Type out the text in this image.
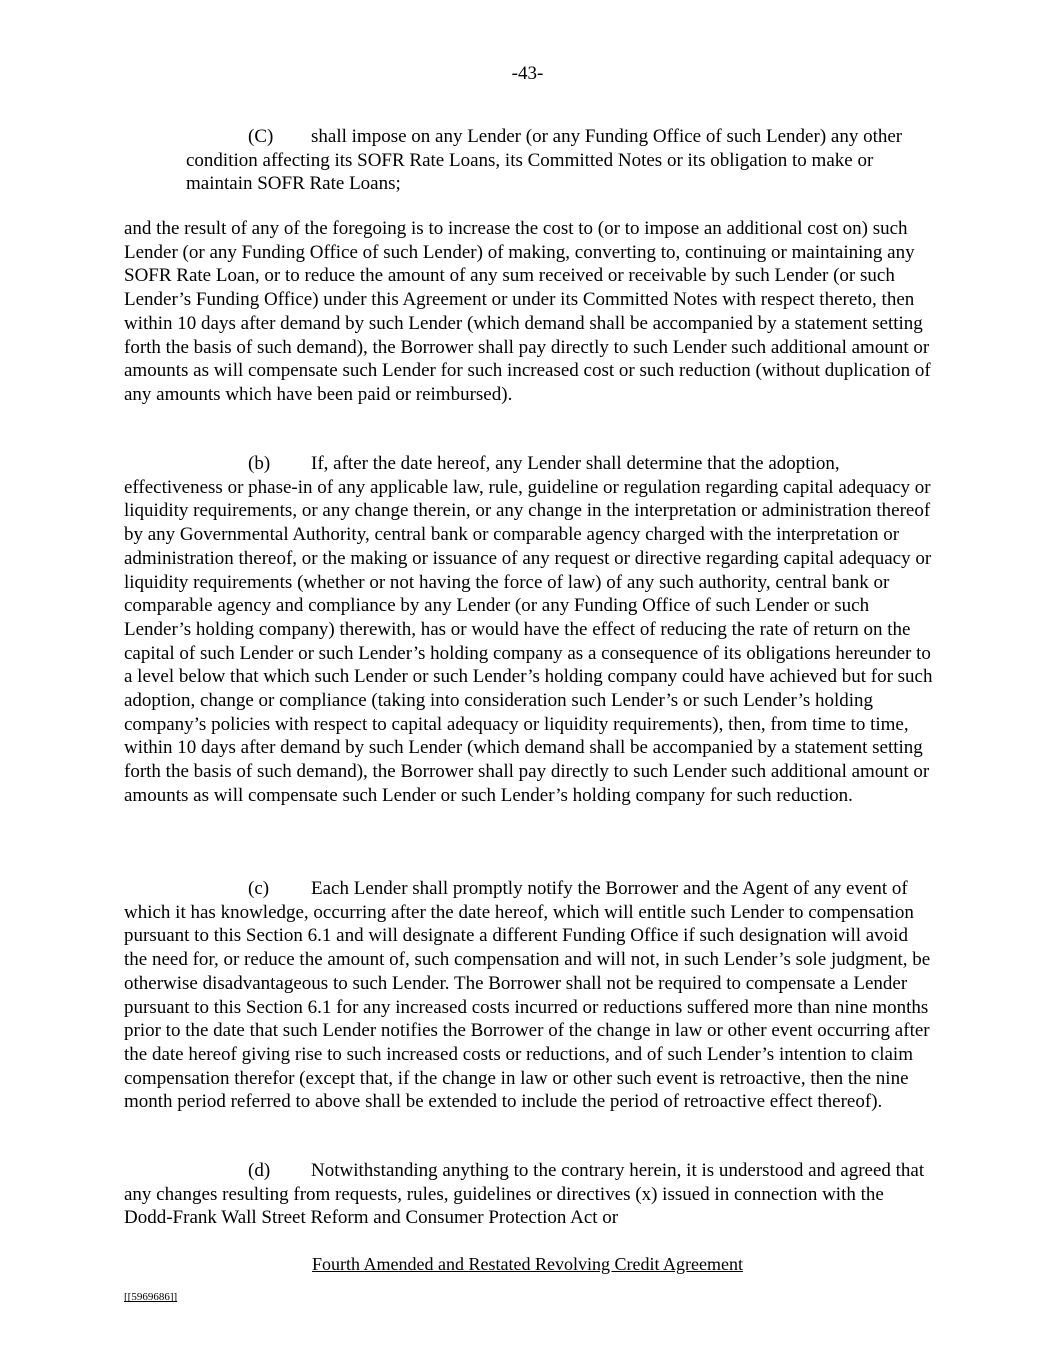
-43-

(C) shall impose on any Lender (or any Funding Office of such Lender) any other condition affecting its SOFR Rate Loans, its Committed Notes or its obligation to make or maintain SOFR Rate Loans;

and the result of any of the foregoing is to increase the cost to (or to impose an additional cost on) such Lender (or any Funding Office of such Lender) of making, converting to, continuing or maintaining any SOFR Rate Loan, or to reduce the amount of any sum received or receivable by such Lender (or such Lender’s Funding Office) under this Agreement or under its Committed Notes with respect thereto, then within 10 days after demand by such Lender (which demand shall be accompanied by a statement setting forth the basis of such demand), the Borrower shall pay directly to such Lender such additional amount or amounts as will compensate such Lender for such increased cost or such reduction (without duplication of any amounts which have been paid or reimbursed).

(b) If, after the date hereof, any Lender shall determine that the adoption, effectiveness or phase-in of any applicable law, rule, guideline or regulation regarding capital adequacy or liquidity requirements, or any change therein, or any change in the interpretation or administration thereof by any Governmental Authority, central bank or comparable agency charged with the interpretation or administration thereof, or the making or issuance of any request or directive regarding capital adequacy or liquidity requirements (whether or not having the force of law) of any such authority, central bank or comparable agency and compliance by any Lender (or any Funding Office of such Lender or such Lender’s holding company) therewith, has or would have the effect of reducing the rate of return on the capital of such Lender or such Lender’s holding company as a consequence of its obligations hereunder to a level below that which such Lender or such Lender’s holding company could have achieved but for such adoption, change or compliance (taking into consideration such Lender’s or such Lender’s holding company’s policies with respect to capital adequacy or liquidity requirements), then, from time to time, within 10 days after demand by such Lender (which demand shall be accompanied by a statement setting forth the basis of such demand), the Borrower shall pay directly to such Lender such additional amount or amounts as will compensate such Lender or such Lender’s holding company for such reduction.

(c) Each Lender shall promptly notify the Borrower and the Agent of any event of which it has knowledge, occurring after the date hereof, which will entitle such Lender to compensation pursuant to this Section 6.1 and will designate a different Funding Office if such designation will avoid the need for, or reduce the amount of, such compensation and will not, in such Lender’s sole judgment, be otherwise disadvantageous to such Lender. The Borrower shall not be required to compensate a Lender pursuant to this Section 6.1 for any increased costs incurred or reductions suffered more than nine months prior to the date that such Lender notifies the Borrower of the change in law or other event occurring after the date hereof giving rise to such increased costs or reductions, and of such Lender’s intention to claim compensation therefor (except that, if the change in law or other such event is retroactive, then the nine month period referred to above shall be extended to include the period of retroactive effect thereof).

(d) Notwithstanding anything to the contrary herein, it is understood and agreed that any changes resulting from requests, rules, guidelines or directives (x) issued in connection with the Dodd-Frank Wall Street Reform and Consumer Protection Act or

Fourth Amended and Restated Revolving Credit Agreement
[[5969686]]
